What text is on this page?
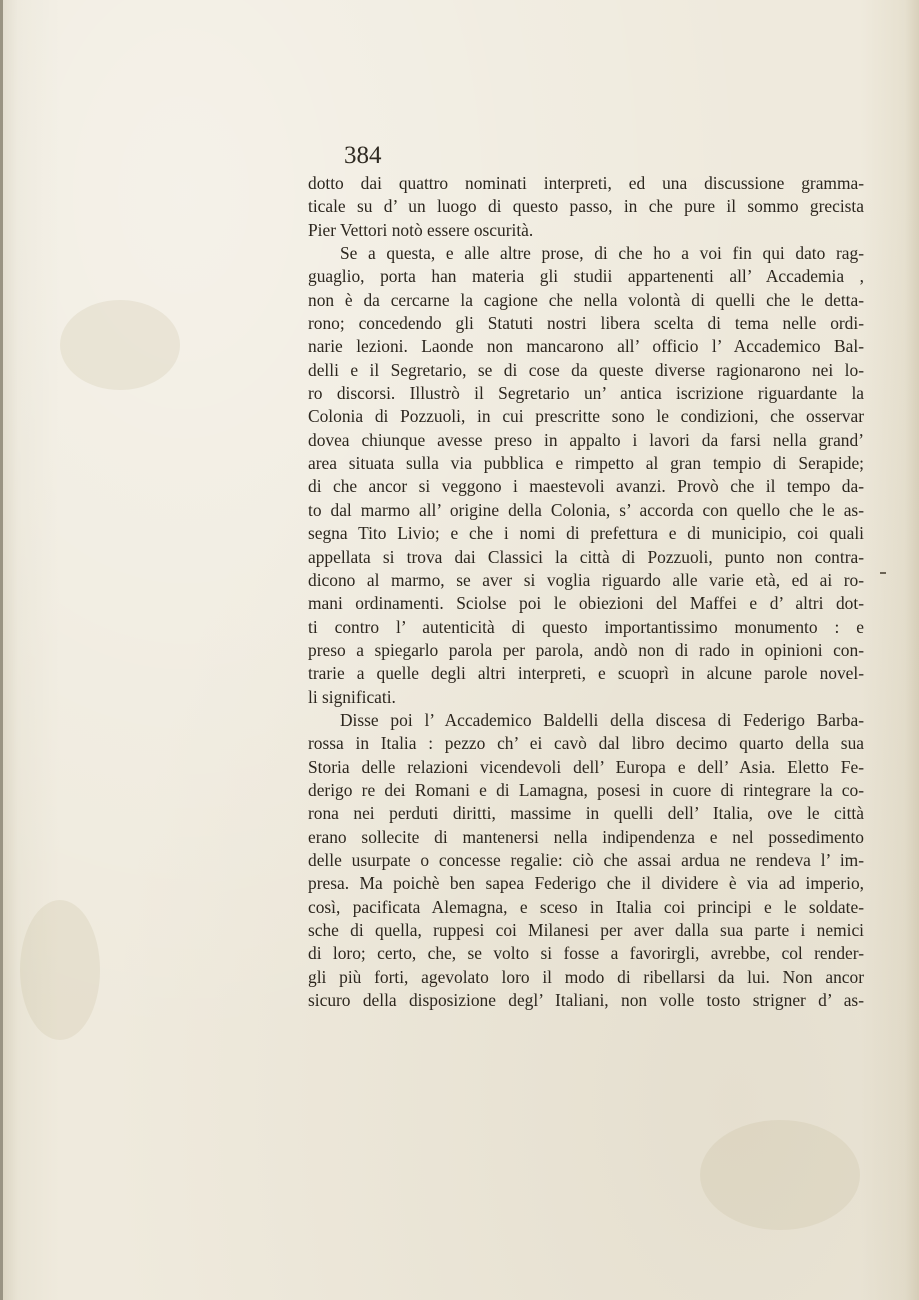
384
dotto dai quattro nominati interpreti, ed una discussione gramma-
ticale su d’ un luogo di questo passo, in che pure il sommo grecista
Pier Vettori notò essere oscurità.
Se a questa, e alle altre prose, di che ho a voi fin qui dato rag-
guaglio, porta han materia gli studii appartenenti all’ Accademia ,
non è da cercarne la cagione che nella volontà di quelli che le detta-
rono; concedendo gli Statuti nostri libera scelta di tema nelle ordi-
narie lezioni. Laonde non mancarono all’ officio l’ Accademico Bal-
delli e il Segretario, se di cose da queste diverse ragionarono nei lo-
ro discorsi. Illustrò il Segretario un’ antica iscrizione riguardante la
Colonia di Pozzuoli, in cui prescritte sono le condizioni, che osservar
dovea chiunque avesse preso in appalto i lavori da farsi nella grand’
area situata sulla via pubblica e rimpetto al gran tempio di Serapide;
di che ancor si veggono i maestevoli avanzi. Provò che il tempo da-
to dal marmo all’ origine della Colonia, s’ accorda con quello che le as-
segna Tito Livio; e che i nomi di prefettura e di municipio, coi quali
appellata si trova dai Classici la città di Pozzuoli, punto non contra-
dicono al marmo, se aver si voglia riguardo alle varie età, ed ai ro-
mani ordinamenti. Sciolse poi le obiezioni del Maffei e d’ altri dot-
ti contro l’ autenticità di questo importantissimo monumento : e
preso a spiegarlo parola per parola, andò non di rado in opinioni con-
trarie a quelle degli altri interpreti, e scuoprì in alcune parole novel-
li significati.
Disse poi l’ Accademico Baldelli della discesa di Federigo Barba-
rossa in Italia : pezzo ch’ ei cavò dal libro decimo quarto della sua
Storia delle relazioni vicendevoli dell’ Europa e dell’ Asia. Eletto Fe-
derigo re dei Romani e di Lamagna, posesi in cuore di rintegrare la co-
rona nei perduti diritti, massime in quelli dell’ Italia, ove le città
erano sollecite di mantenersi nella indipendenza e nel possedimento
delle usurpate o concesse regalie: ciò che assai ardua ne rendeva l’ im-
presa. Ma poichè ben sapea Federigo che il dividere è via ad imperio,
così, pacificata Alemagna, e sceso in Italia coi principi e le soldate-
sche di quella, ruppesi coi Milanesi per aver dalla sua parte i nemici
di loro; certo, che, se volto si fosse a favorirgli, avrebbe, col render-
gli più forti, agevolato loro il modo di ribellarsi da lui. Non ancor
sicuro della disposizione degl’ Italiani, non volle tosto strigner d’ as-
